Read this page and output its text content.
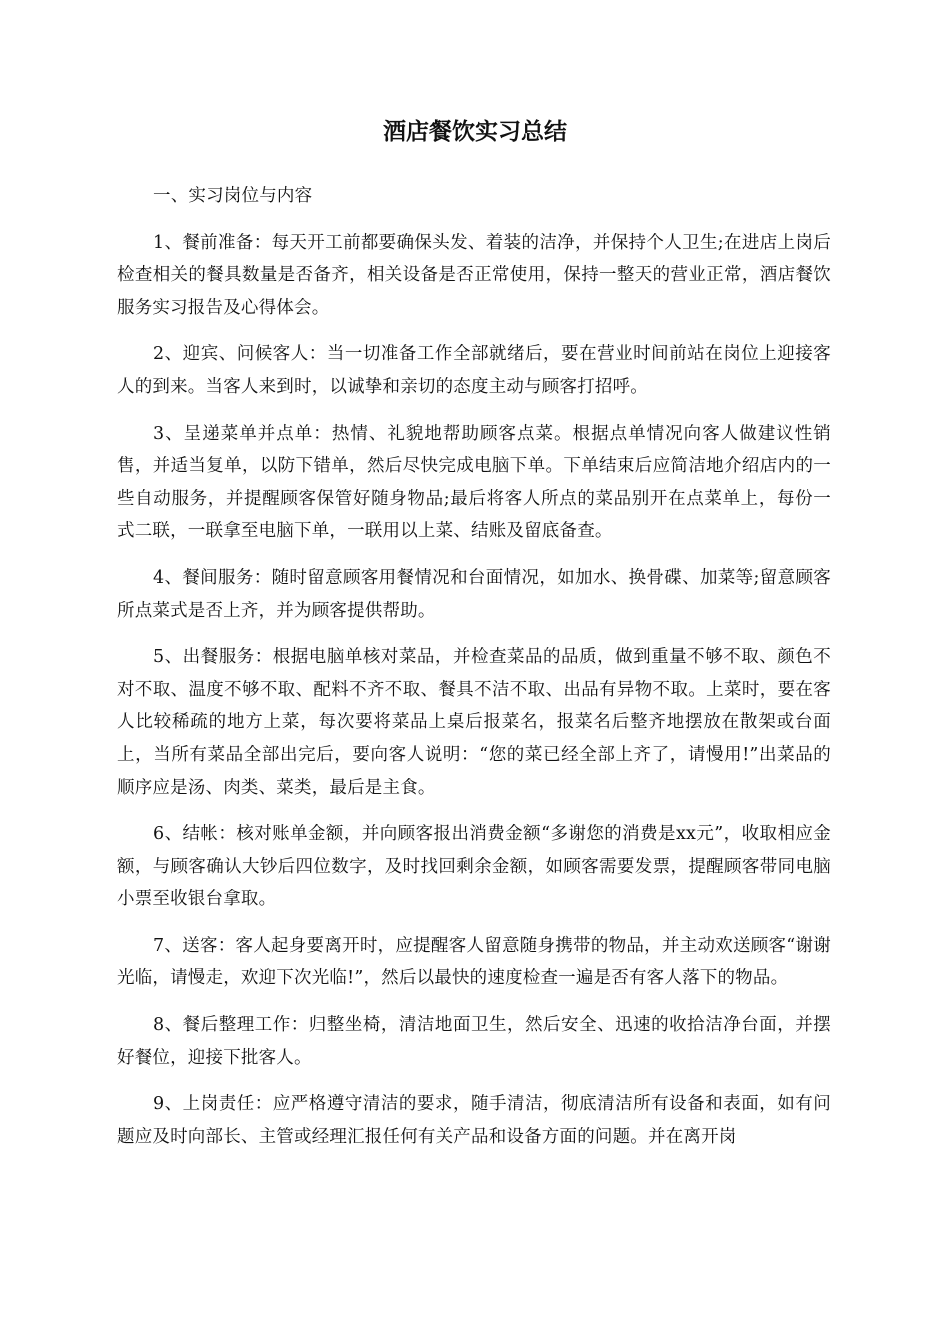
酒店餐饮实习总结

一、实习岗位与内容

1、餐前准备：每天开工前都要确保头发、着装的洁净，并保持个人卫生;在进店上岗后检查相关的餐具数量是否备齐，相关设备是否正常使用，保持一整天的营业正常，酒店餐饮服务实习报告及心得体会。

2、迎宾、问候客人：当一切准备工作全部就绪后，要在营业时间前站在岗位上迎接客人的到来。当客人来到时，以诚挚和亲切的态度主动与顾客打招呼。

3、呈递菜单并点单：热情、礼貌地帮助顾客点菜。根据点单情况向客人做建议性销售，并适当复单，以防下错单，然后尽快完成电脑下单。下单结束后应简洁地介绍店内的一些自动服务，并提醒顾客保管好随身物品;最后将客人所点的菜品别开在点菜单上，每份一式二联，一联拿至电脑下单，一联用以上菜、结账及留底备查。

4、餐间服务：随时留意顾客用餐情况和台面情况，如加水、换骨碟、加菜等;留意顾客所点菜式是否上齐，并为顾客提供帮助。

5、出餐服务：根据电脑单核对菜品，并检查菜品的品质，做到重量不够不取、颜色不对不取、温度不够不取、配料不齐不取、餐具不洁不取、出品有异物不取。上菜时，要在客人比较稀疏的地方上菜，每次要将菜品上桌后报菜名，报菜名后整齐地摆放在散架或台面上，当所有菜品全部出完后，要向客人说明：“您的菜已经全部上齐了，请慢用!”出菜品的顺序应是汤、肉类、菜类，最后是主食。

6、结帐：核对账单金额，并向顾客报出消费金额“多谢您的消费是xx元”，收取相应金额，与顾客确认大钞后四位数字，及时找回剩余金额，如顾客需要发票，提醒顾客带同电脑小票至收银台拿取。

7、送客：客人起身要离开时，应提醒客人留意随身携带的物品，并主动欢送顾客“谢谢光临，请慢走，欢迎下次光临!”，然后以最快的速度检查一遍是否有客人落下的物品。

8、餐后整理工作：归整坐椅，清洁地面卫生，然后安全、迅速的收拾洁净台面，并摆好餐位，迎接下批客人。

9、上岗责任：应严格遵守清洁的要求，随手清洁，彻底清洁所有设备和表面，如有问题应及时向部长、主管或经理汇报任何有关产品和设备方面的问题。并在离开岗
